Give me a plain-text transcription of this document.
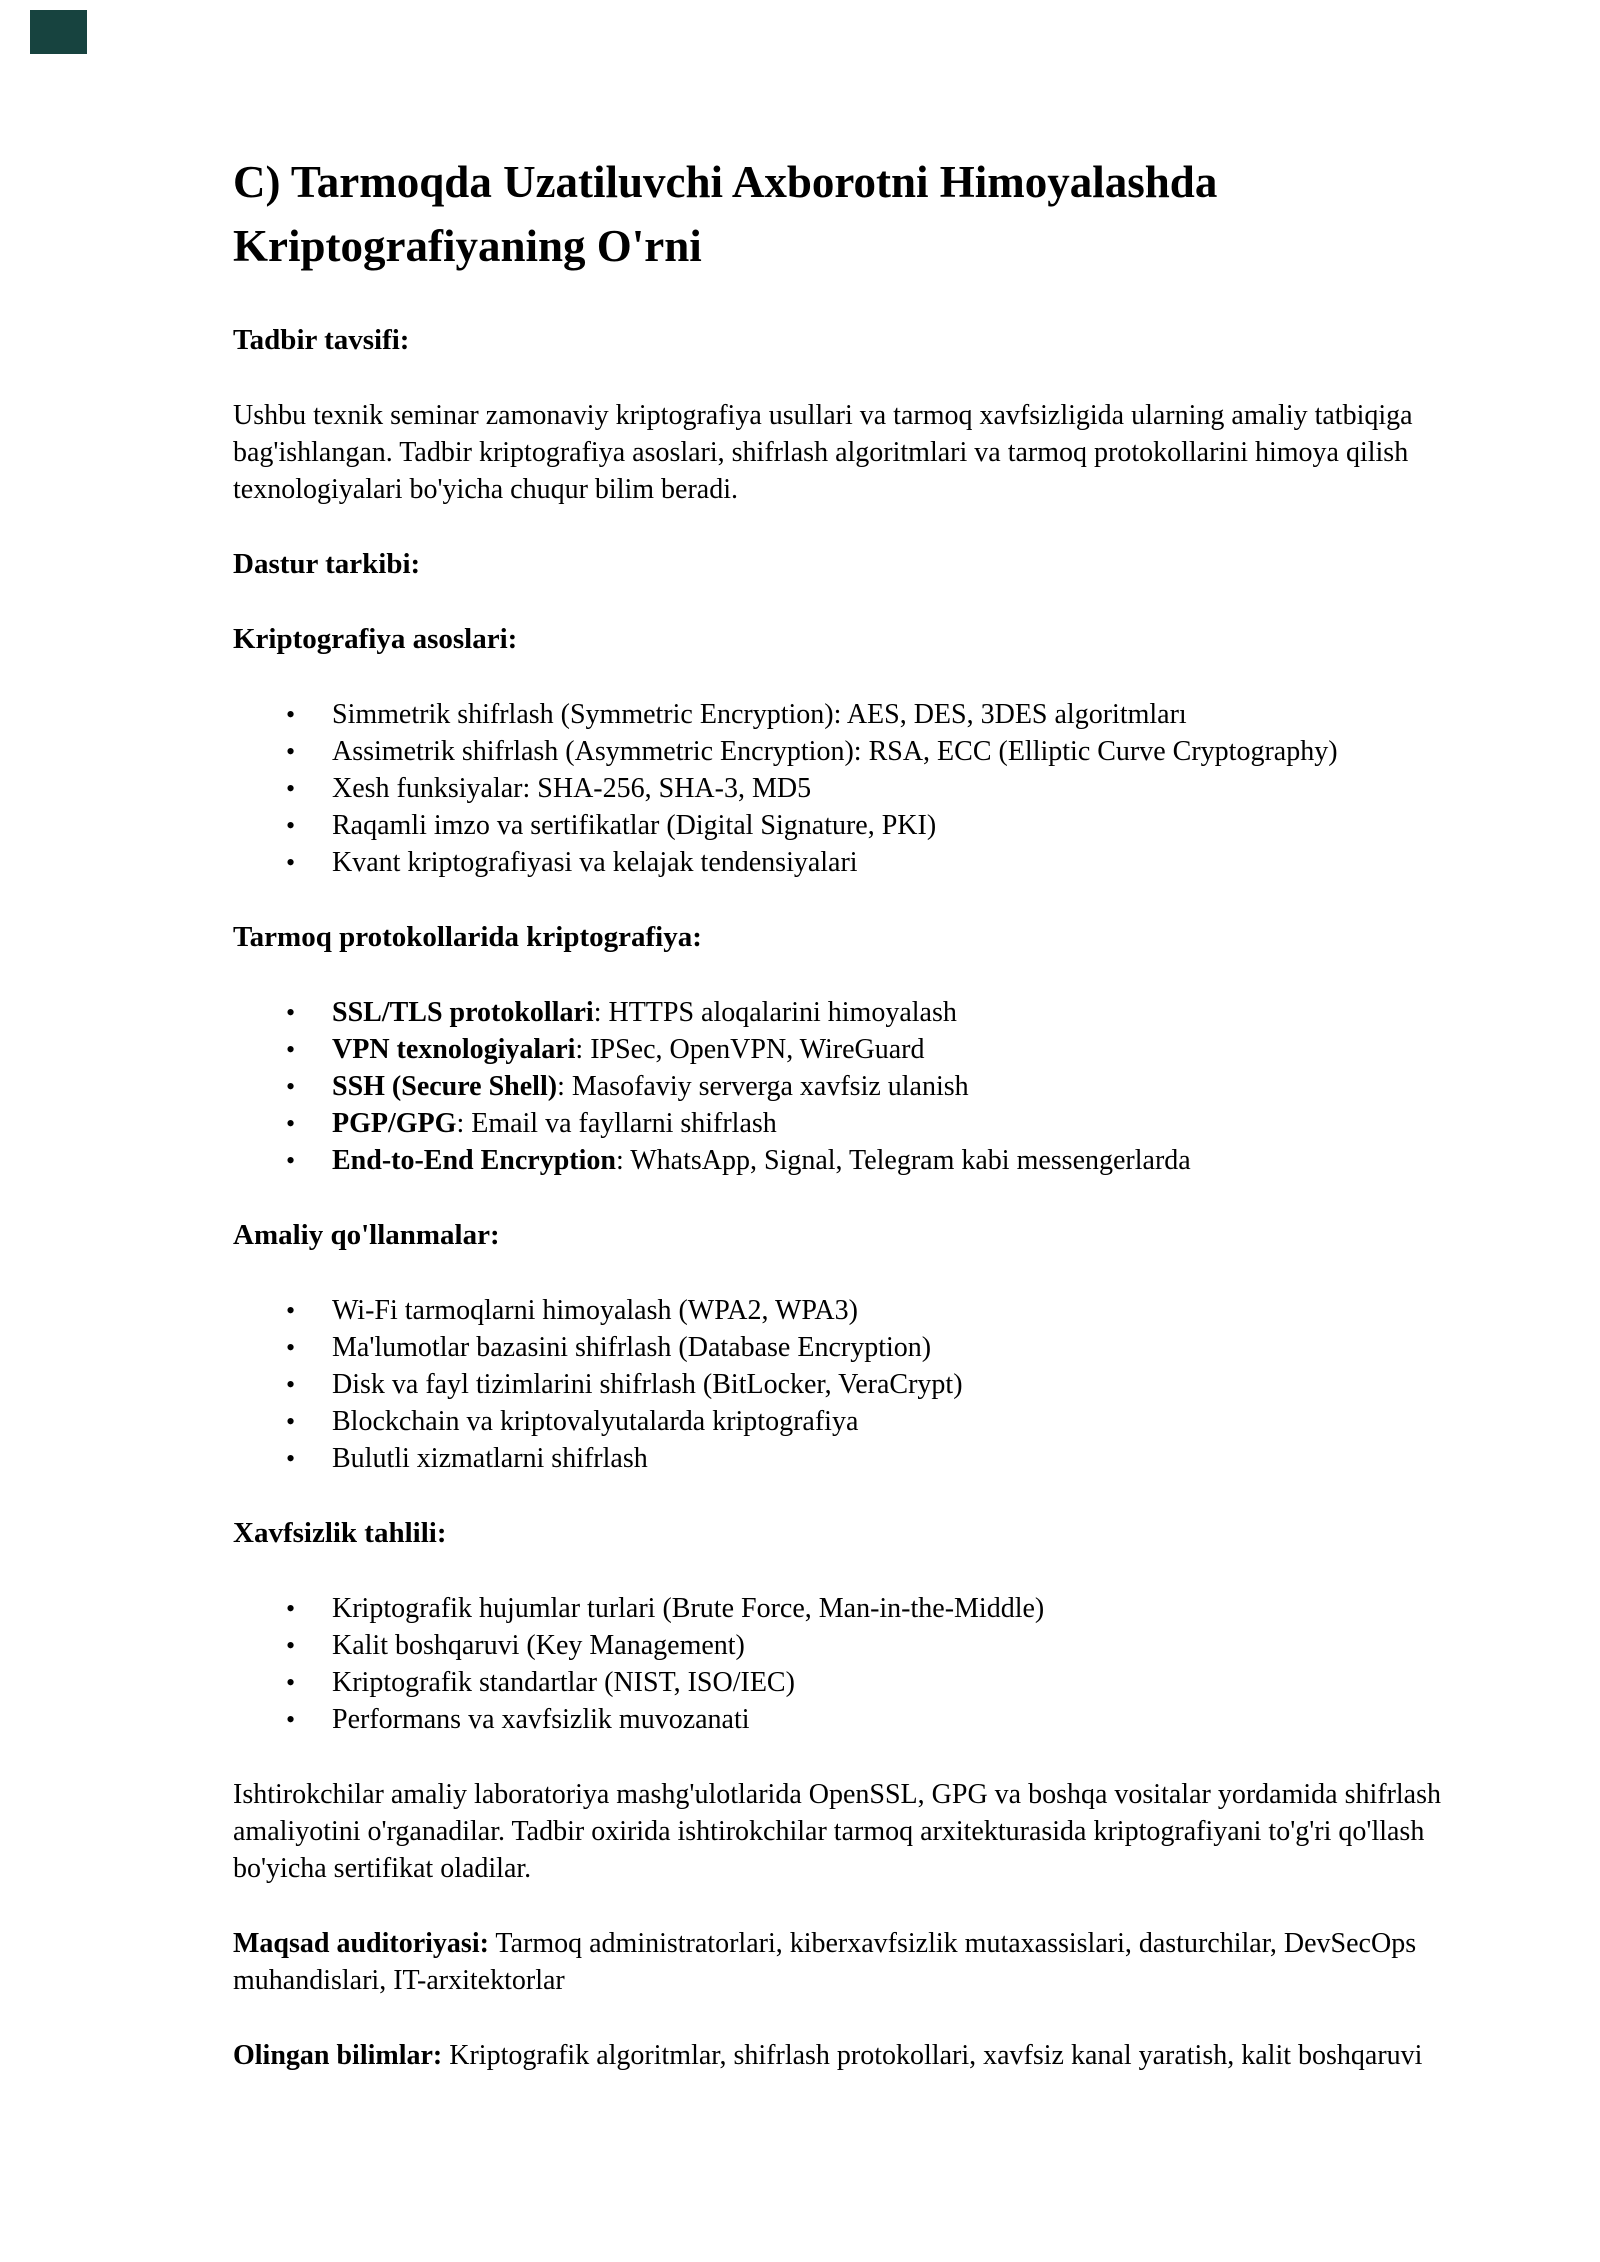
C) Tarmoqda Uzatiluvchi Axborotni Himoyalashda Kriptografiyaning O'rni
Tadbir tavsifi:

Ushbu texnik seminar zamonaviy kriptografiya usullari va tarmoq xavfsizligida ularning amaliy tatbiqiga bag'ishlangan. Tadbir kriptografiya asoslari, shifrlash algoritmlari va tarmoq protokollarini himoya qilish texnologiyalari bo'yicha chuqur bilim beradi.

Dastur tarkibi:
Kriptografiya asoslari:
• Simmetrik shifrlash (Symmetric Encryption): AES, DES, 3DES algoritmları
• Assimetrik shifrlash (Asymmetric Encryption): RSA, ECC (Elliptic Curve Cryptography)
• Xesh funksiyalar: SHA-256, SHA-3, MD5
• Raqamli imzo va sertifikatlar (Digital Signature, PKI)
• Kvant kriptografiyasi va kelajak tendensiyalari
Tarmoq protokollarida kriptografiya:
• SSL/TLS protokollari: HTTPS aloqalarini himoyalash
• VPN texnologiyalari: IPSec, OpenVPN, WireGuard
• SSH (Secure Shell): Masofaviy serverga xavfsiz ulanish
• PGP/GPG: Email va fayllarni shifrlash
• End-to-End Encryption: WhatsApp, Signal, Telegram kabi messengerlarda
Amaliy qo'llanmalar:
• Wi-Fi tarmoqlarni himoyalash (WPA2, WPA3)
• Ma'lumotlar bazasini shifrlash (Database Encryption)
• Disk va fayl tizimlarini shifrlash (BitLocker, VeraCrypt)
• Blockchain va kriptovalyutalarda kriptografiya
• Bulutli xizmatlarni shifrlash
Xavfsizlik tahlili:
• Kriptografik hujumlar turlari (Brute Force, Man-in-the-Middle)
• Kalit boshqaruvi (Key Management)
• Kriptografik standartlar (NIST, ISO/IEC)
• Performans va xavfsizlik muvozanati

Ishtirokchilar amaliy laboratoriya mashg'ulotlarida OpenSSL, GPG va boshqa vositalar yordamida shifrlash amaliyotini o'rganadilar. Tadbir oxirida ishtirokchilar tarmoq arxitekturasida kriptografiyani to'g'ri qo'llash bo'yicha sertifikat oladilar.

Maqsad auditoriyasi: Tarmoq administratorlari, kiberxavfsizlik mutaxassislari, dasturchilar, DevSecOps muhandislari, IT-arxitektorlar

Olingan bilimlar: Kriptografik algoritmlar, shifrlash protokollari, xavfsiz kanal yaratish, kalit boshqaruvi
